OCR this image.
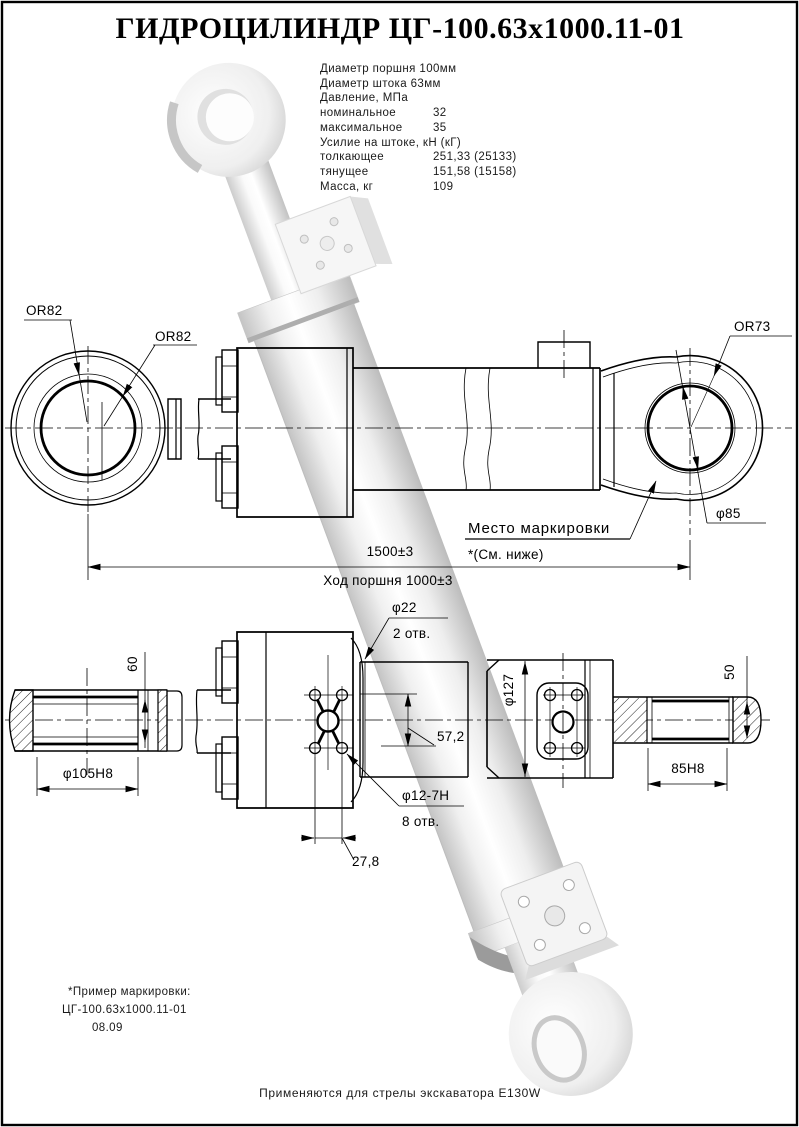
1500±3
Ход поршня 1000±3
Место маркировки
*(См. ниже)
OR82
OR82
OR73
φ85
60
φ105H8
57,2
φ22
2 отв.
φ12-7H
8 отв.
27,8
φ127
50
85H8
ГИДРОЦИЛИНДР ЦГ-100.63х1000.11-01
Диаметр поршня 100мм
Диаметр штока 63мм
Давление, МПа
номинальное	32
максимальное	35
Усилие на штоке, кН (кГ)
толкающее	251,33 (25133)
тянущее	151,58 (15158)
Масса, кг	109
*Пример маркировки:
ЦГ-100.63х1000.11-01
08.09
Применяются для стрелы экскаватора E130W
